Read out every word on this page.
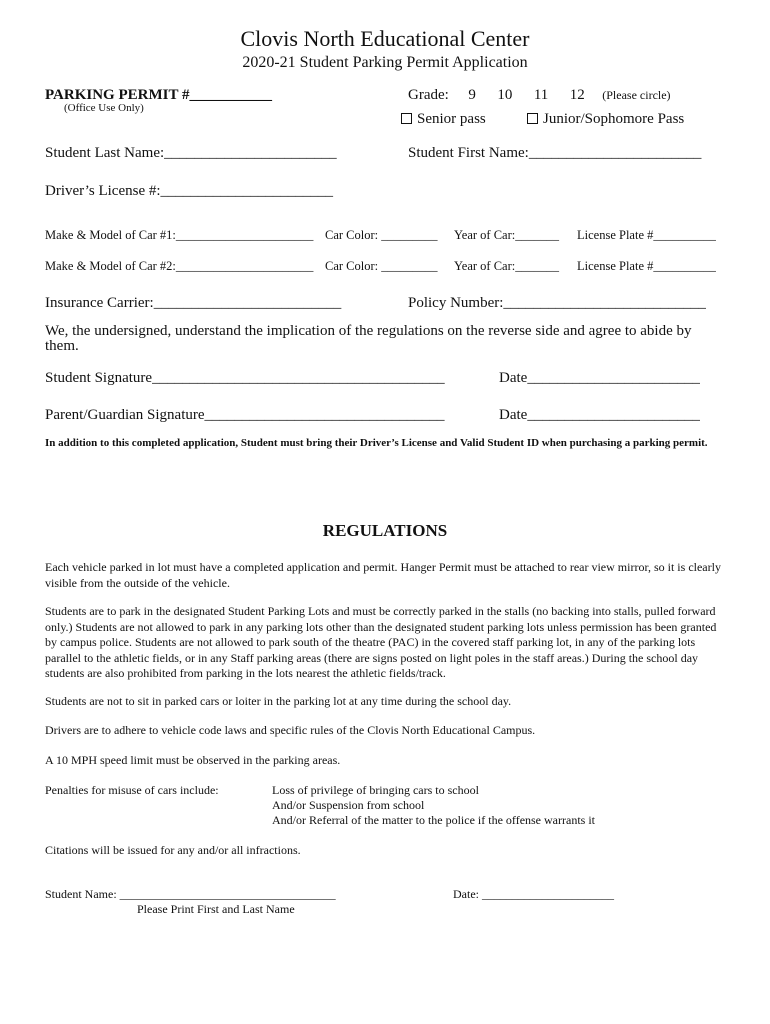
Clovis North Educational Center
2020-21 Student Parking Permit Application
PARKING PERMIT #___________
(Office Use Only)
Grade: 9 10 11 12 (Please circle)
Senior pass	Junior/Sophomore Pass
Student Last Name:_______________________	Student First Name:_______________________
Driver’s License #:_______________________
Make & Model of Car #1:______________________ Car Color: _________ Year of Car:_______ License Plate #__________
Make & Model of Car #2:______________________ Car Color: _________ Year of Car:_______ License Plate #__________
Insurance Carrier:_________________________	Policy Number:___________________________
We, the undersigned, understand the implication of the regulations on the reverse side and agree to abide by them.
Student Signature_______________________________________	Date_______________________
Parent/Guardian Signature________________________________	Date_______________________
In addition to this completed application, Student must bring their Driver’s License and Valid Student ID when purchasing a parking permit.
REGULATIONS
Each vehicle parked in lot must have a completed application and permit. Hanger Permit must be attached to rear view mirror, so it is clearly visible from the outside of the vehicle.
Students are to park in the designated Student Parking Lots and must be correctly parked in the stalls (no backing into stalls, pulled forward only.) Students are not allowed to park in any parking lots other than the designated student parking lots unless permission has been granted by campus police. Students are not allowed to park south of the theatre (PAC) in the covered staff parking lot, in any of the parking lots parallel to the athletic fields, or in any Staff parking areas (there are signs posted on light poles in the staff areas.) During the school day students are also prohibited from parking in the lots nearest the athletic fields/track.
Students are not to sit in parked cars or loiter in the parking lot at any time during the school day.
Drivers are to adhere to vehicle code laws and specific rules of the Clovis North Educational Campus.
A 10 MPH speed limit must be observed in the parking areas.
Penalties for misuse of cars include:	Loss of privilege of bringing cars to school
And/or Suspension from school
And/or Referral of the matter to the police if the offense warrants it
Citations will be issued for any and/or all infractions.
Student Name: ____________________________________
Please Print First and Last Name
Date: ______________________
